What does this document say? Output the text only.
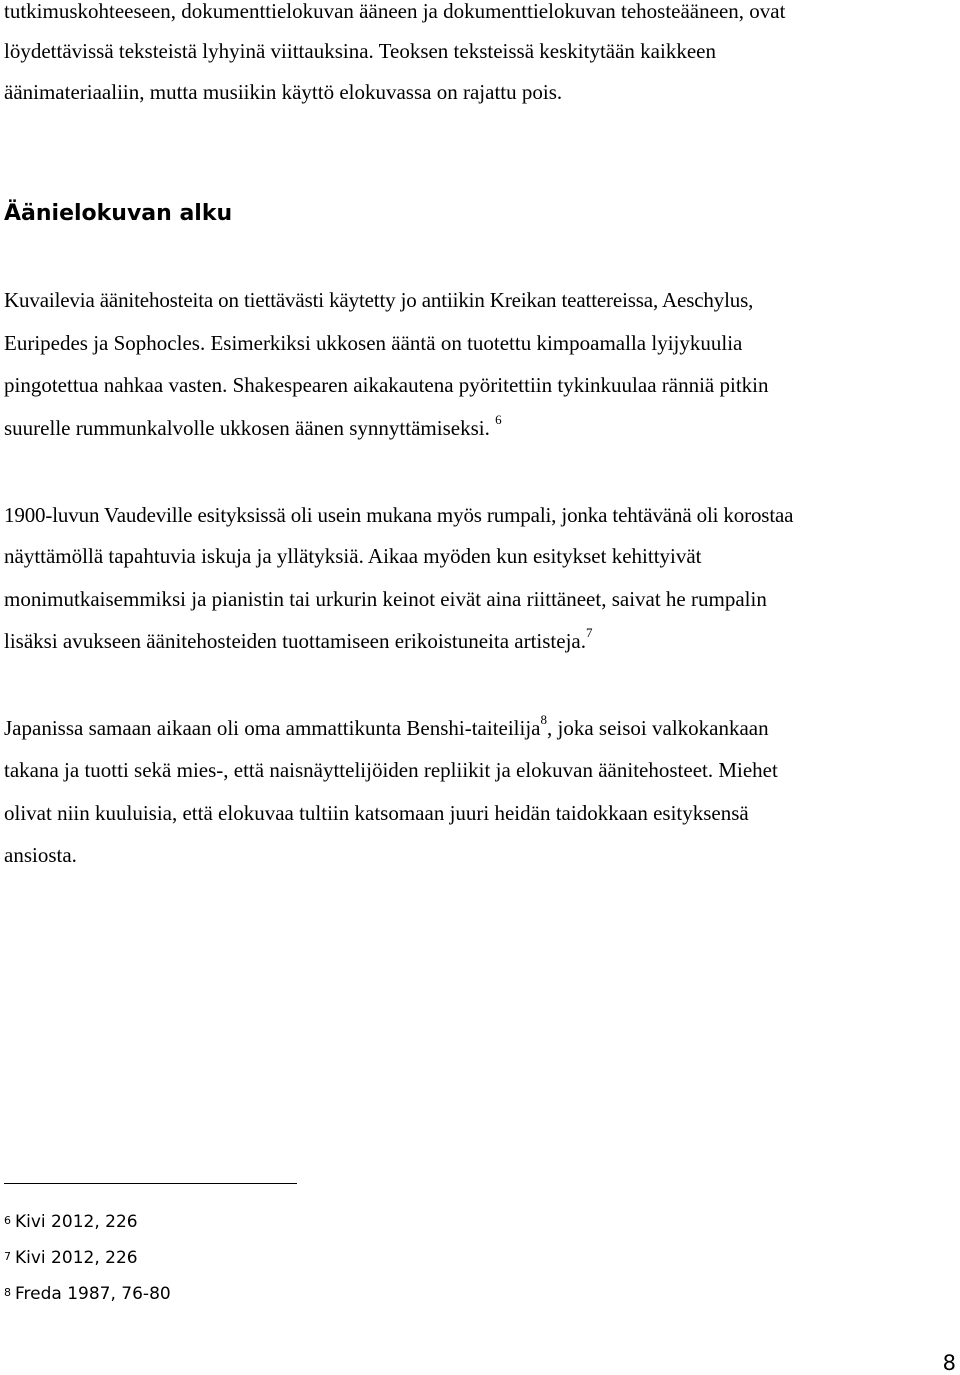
tutkimuskohteeseen, dokumenttielokuvan ääneen ja dokumenttielokuvan tehosteääneen, ovat
löydettävissä teksteistä lyhyinä viittauksina. Teoksen teksteissä keskitytään kaikkeen
äänimateriaaliin, mutta musiikin käyttö elokuvassa on rajattu pois.
Äänielokuvan alku
Kuvailevia äänitehosteita on tiettävästi käytetty jo antiikin Kreikan teattereissa, Aeschylus,
Euripedes ja Sophocles. Esimerkiksi ukkosen ääntä on tuotettu kimpoamalla lyijykuulia
pingotettua nahkaa vasten. Shakespearen aikakautena pyöritettiin tykinkuulaa ränniä pitkin
suurelle rummunkalvolle ukkosen äänen synnyttämiseksi. $^6$
1900-luvun Vaudeville esityksissä oli usein mukana myös rumpali, jonka tehtävänä oli korostaa
näyttämöllä tapahtuvia iskuja ja yllätyksiä. Aikaa myöden kun esitykset kehittyivät
monimutkaisemmiksi ja pianistin tai urkurin keinot eivät aina riittäneet, saivat he rumpalin
lisäksi avukseen äänitehosteiden tuottamiseen erikoistuneita artisteja.$^7$
Japanissa samaan aikaan oli oma ammattikunta Benshi-taiteilija$^8$, joka seisoi valkokankaan
takana ja tuotti sekä mies-, että naisnäyttelijöiden repliikit ja elokuvan äänitehosteet. Miehet
olivat niin kuuluisia, että elokuvaa tultiin katsomaan juuri heidän taidokkaan esityksensä
ansiosta.
$^6$ Kivi 2012, 226
$^7$ Kivi 2012, 226
$^8$ Freda 1987, 76-80
8
